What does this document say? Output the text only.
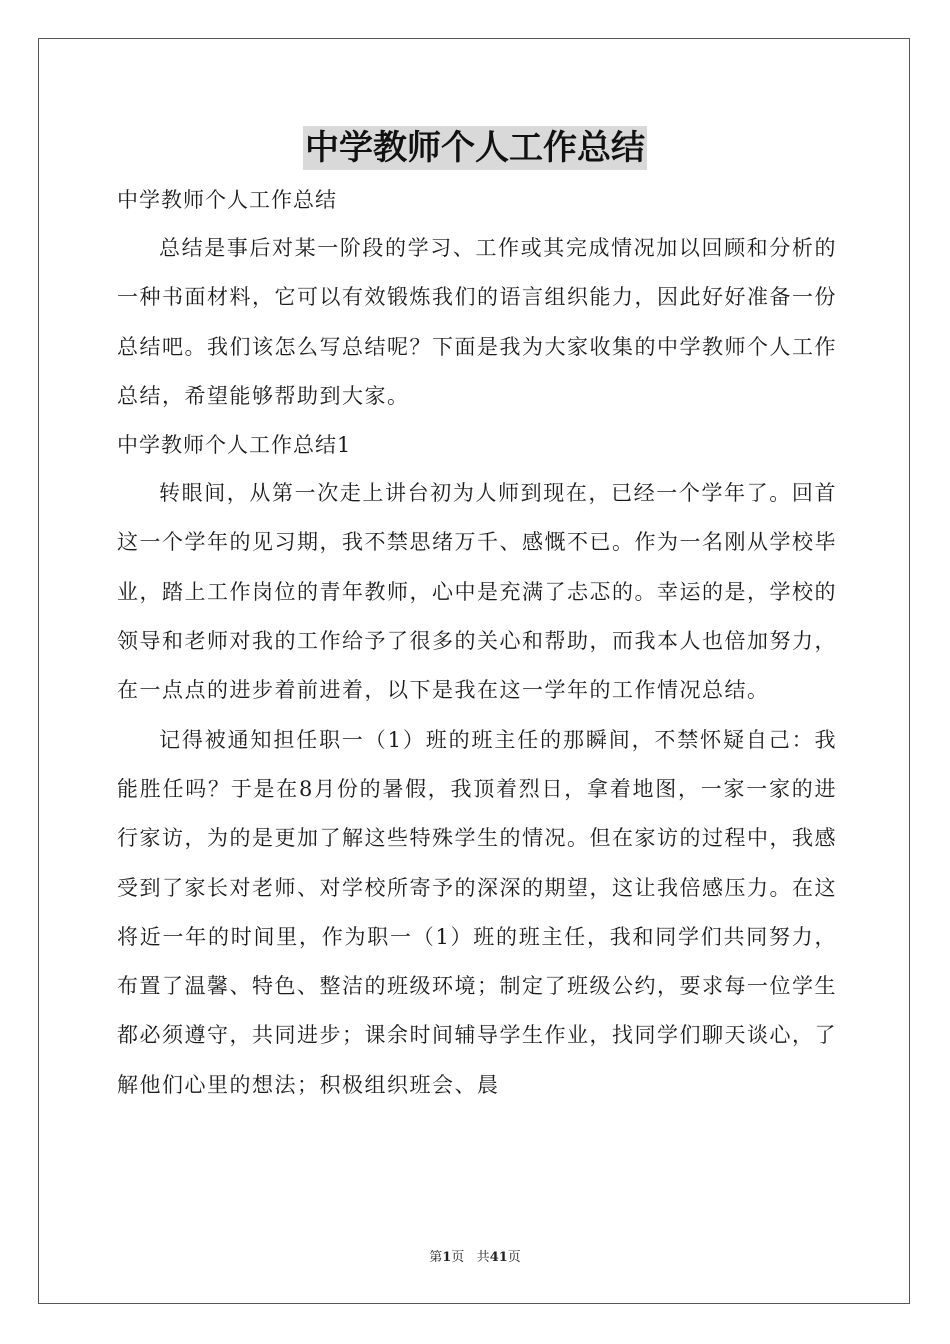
中学教师个人工作总结

中学教师个人工作总结

总结是事后对某一阶段的学习、工作或其完成情况加以回顾和分析的一种书面材料，它可以有效锻炼我们的语言组织能力，因此好好准备一份总结吧。我们该怎么写总结呢？下面是我为大家收集的中学教师个人工作总结，希望能够帮助到大家。

中学教师个人工作总结1

转眼间，从第一次走上讲台初为人师到现在，已经一个学年了。回首这一个学年的见习期，我不禁思绪万千、感慨不已。作为一名刚从学校毕业，踏上工作岗位的青年教师，心中是充满了忐忑的。幸运的是，学校的领导和老师对我的工作给予了很多的关心和帮助，而我本人也倍加努力，在一点点的进步着前进着，以下是我在这一学年的工作情况总结。

记得被通知担任职一（1）班的班主任的那瞬间，不禁怀疑自己：我能胜任吗？于是在8月份的暑假，我顶着烈日，拿着地图，一家一家的进行家访，为的是更加了解这些特殊学生的情况。但在家访的过程中，我感受到了家长对老师、对学校所寄予的深深的期望，这让我倍感压力。在这将近一年的时间里，作为职一（1）班的班主任，我和同学们共同努力，布置了温馨、特色、整洁的班级环境；制定了班级公约，要求每一位学生都必须遵守，共同进步；课余时间辅导学生作业，找同学们聊天谈心，了解他们心里的想法；积极组织班会、晨

第1页 共41页
